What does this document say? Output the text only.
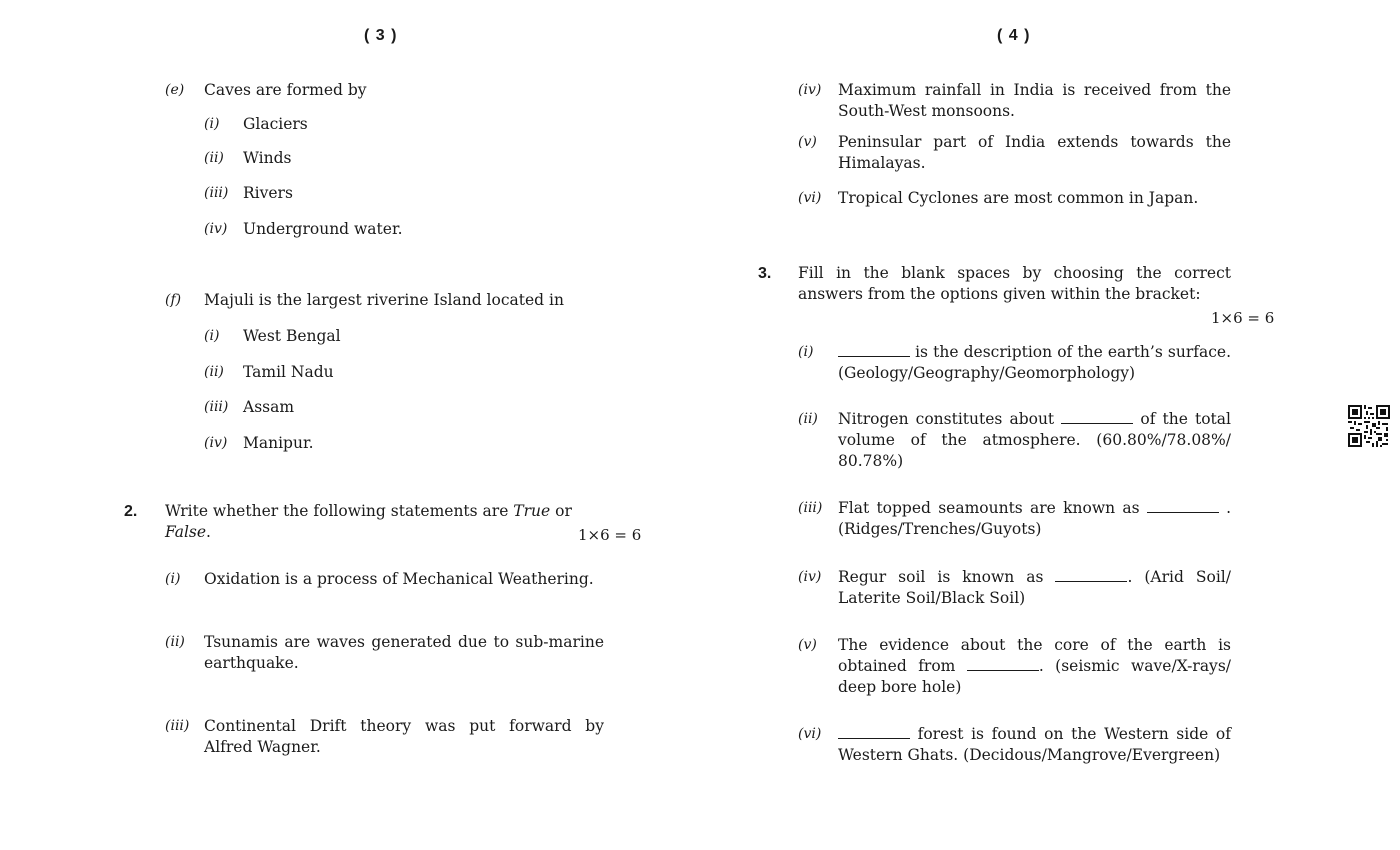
( 3 )	( 4 )
(e) Caves are formed by
(i) Glaciers
(ii) Winds
(iii) Rivers
(iv) Underground water.
(f) Majuli is the largest riverine Island located in
(i) West Bengal
(ii) Tamil Nadu
(iii) Assam
(iv) Manipur.
2. Write whether the following statements are True or
False.	1×6 = 6
(i) Oxidation is a process of Mechanical Weathering.
(ii) Tsunamis are waves generated due to sub-marine earthquake.
(iii) Continental Drift theory was put forward by Alfred Wagner.
(iv) Maximum rainfall in India is received from the South-West monsoons.
(v) Peninsular part of India extends towards the Himalayas.
(vi) Tropical Cyclones are most common in Japan.
3. Fill in the blank spaces by choosing the correct answers from the options given within the bracket:
1×6 = 6
(i)	is the description of the earth’s surface. (Geology/Geography/Geomorphology)
(ii) Nitrogen constitutes about	of the total volume of the atmosphere. (60.80%/78.08%/ 80.78%)
(iii) Flat topped seamounts are known as	. (Ridges/Trenches/Guyots)
(iv) Regur soil is known as	. (Arid Soil/ Laterite Soil/Black Soil)
(v) The evidence about the core of the earth is obtained from	. (seismic wave/X-rays/ deep bore hole)
(vi)	forest is found on the Western side of Western Ghats. (Decidous/Mangrove/Evergreen)
